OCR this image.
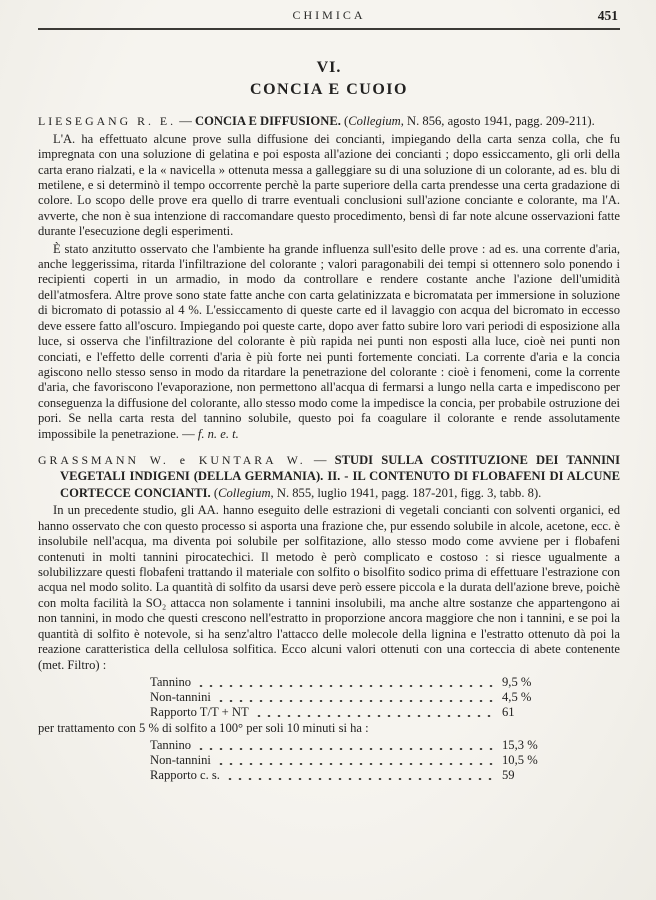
CHIMICA	451
VI.
CONCIA E CUOIO

LIESEGANG R. E. — CONCIA E DIFFUSIONE. (Collegium, N. 856, agosto 1941, pagg. 209-211).

L'A. ha effettuato alcune prove sulla diffusione dei concianti, impiegando della carta senza colla, che fu impregnata con una soluzione di gelatina e poi esposta all'azione dei concianti ; dopo essiccamento, gli orli della carta erano rialzati, e la « navicella » ottenuta messa a galleggiare su di una soluzione di un colorante, ad es. blu di metilene, e si determinò il tempo occorrente perchè la parte superiore della carta prendesse una certa gradazione di colore. Lo scopo delle prove era quello di trarre eventuali conclusioni sull'azione conciante e colorante, ma l'A. avverte, che non è sua intenzione di raccomandare questo procedimento, bensì di far note alcune osservazioni fatte durante l'esecuzione degli esperimenti.

È stato anzitutto osservato che l'ambiente ha grande influenza sull'esito delle prove : ad es. una corrente d'aria, anche leggerissima, ritarda l'infiltrazione del colorante ; valori paragonabili dei tempi si ottennero solo ponendo i recipienti coperti in un armadio, in modo da controllare e rendere costante anche l'azione dell'umidità dell'atmosfera. Altre prove sono state fatte anche con carta gelatinizzata e bicromatata per immersione in soluzione di bicromato di potassio al 4 %. L'essiccamento di queste carte ed il lavaggio con acqua del bicromato in eccesso deve essere fatto all'oscuro. Impiegando poi queste carte, dopo aver fatto subire loro vari periodi di esposizione alla luce, si osserva che l'infiltrazione del colorante è più rapida nei punti non esposti alla luce, cioè nei punti non conciati, e l'effetto delle correnti d'aria è più forte nei punti fortemente conciati. La corrente d'aria e la concia agiscono nello stesso senso in modo da ritardare la penetrazione del colorante : cioè i fenomeni, come la corrente d'aria, che favoriscono l'evaporazione, non permettono all'acqua di fermarsi a lungo nella carta e impediscono per conseguenza la diffusione del colorante, allo stesso modo come la impedisce la concia, per probabile ostruzione dei pori. Se nella carta resta del tannino solubile, questo poi fa coagulare il colorante e rende assolutamente impossibile la penetrazione. — f. n. e. t.

GRASSMANN W. e KUNTARA W. — STUDI SULLA COSTITUZIONE DEI TANNINI VEGETALI INDIGENI (DELLA GERMANIA). II. - IL CONTENUTO DI FLOBAFENI DI ALCUNE CORTECCE CONCIANTI. (Collegium, N. 855, luglio 1941, pagg. 187-201, figg. 3, tabb. 8).

In un precedente studio, gli AA. hanno eseguito delle estrazioni di vegetali concianti con solventi organici, ed hanno osservato che con questo processo si asporta una frazione che, pur essendo solubile in alcole, acetone, ecc. è insolubile nell'acqua, ma diventa poi solubile per solfitazione, allo stesso modo come avviene per i flobafeni contenuti in molti tannini pirocatechici. Il metodo è però complicato e costoso : si riesce ugualmente a solubilizzare questi flobafeni trattando il materiale con solfito o bisolfito sodico prima di effettuare l'estrazione con acqua nel modo solito. La quantità di solfito da usarsi deve però essere piccola e la durata dell'azione breve, poichè con molta facilità la SO₂ attacca non solamente i tannini insolubili, ma anche altre sostanze che appartengono ai non tannini, in modo che questi crescono nell'estratto in proporzione ancora maggiore che non i tannini, e se poi la quantità di solfito è notevole, si ha senz'altro l'attacco delle molecole della lignina e l'estratto ottenuto dà poi la reazione caratteristica della cellulosa solfitica. Ecco alcuni valori ottenuti con una corteccia di abete contenente (met. Filtro) :

Tannino	9,5 %
Non-tannini	4,5 %
Rapporto T/T + NT	61

per trattamento con 5 % di solfito a 100° per soli 10 minuti si ha :

Tannino	15,3 %
Non-tannini	10,5 %
Rapporto c. s.	59
